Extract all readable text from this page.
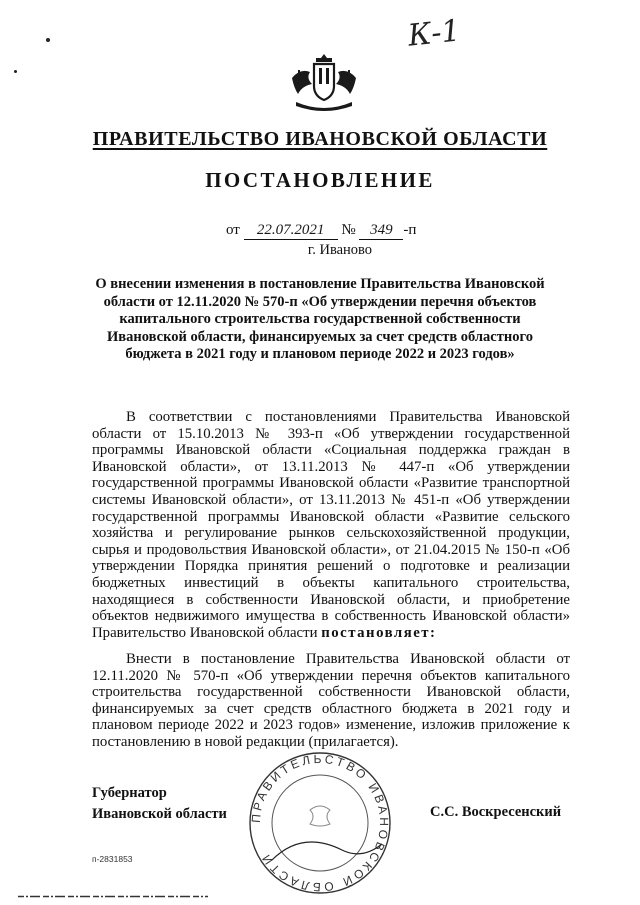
К-1
ПРАВИТЕЛЬСТВО ИВАНОВСКОЙ ОБЛАСТИ
ПОСТАНОВЛЕНИЕ
от 22.07.2021 № 349 -п
г. Иваново
О внесении изменения в постановление Правительства Ивановской области от 12.11.2020 № 570-п «Об утверждении перечня объектов капитального строительства государственной собственности Ивановской области, финансируемых за счет средств областного бюджета в 2021 году и плановом периоде 2022 и 2023 годов»
В соответствии с постановлениями Правительства Ивановской области от 15.10.2013 № 393-п «Об утверждении государственной программы Ивановской области «Социальная поддержка граждан в Ивановской области», от 13.11.2013 № 447-п «Об утверждении государственной программы Ивановской области «Развитие транспортной системы Ивановской области», от 13.11.2013 № 451-п «Об утверждении государственной программы Ивановской области «Развитие сельского хозяйства и регулирование рынков сельскохозяйственной продукции, сырья и продовольствия Ивановской области», от 21.04.2015 № 150-п «Об утверждении Порядка принятия решений о подготовке и реализации бюджетных инвестиций в объекты капитального строительства, находящиеся в собственности Ивановской области, и приобретение объектов недвижимого имущества в собственность Ивановской области» Правительство Ивановской области постановляет:
Внести в постановление Правительства Ивановской области от 12.11.2020 № 570-п «Об утверждении перечня объектов капитального строительства государственной собственности Ивановской области, финансируемых за счет средств областного бюджета в 2021 году и плановом периоде 2022 и 2023 годов» изменение, изложив приложение к постановлению в новой редакции (прилагается).
ПРАВИТЕЛЬСТВО ИВАНОВСКОЙ ОБЛАСТИ
Губернатор
Ивановской области	С.С. Воскресенский
п-2831853
